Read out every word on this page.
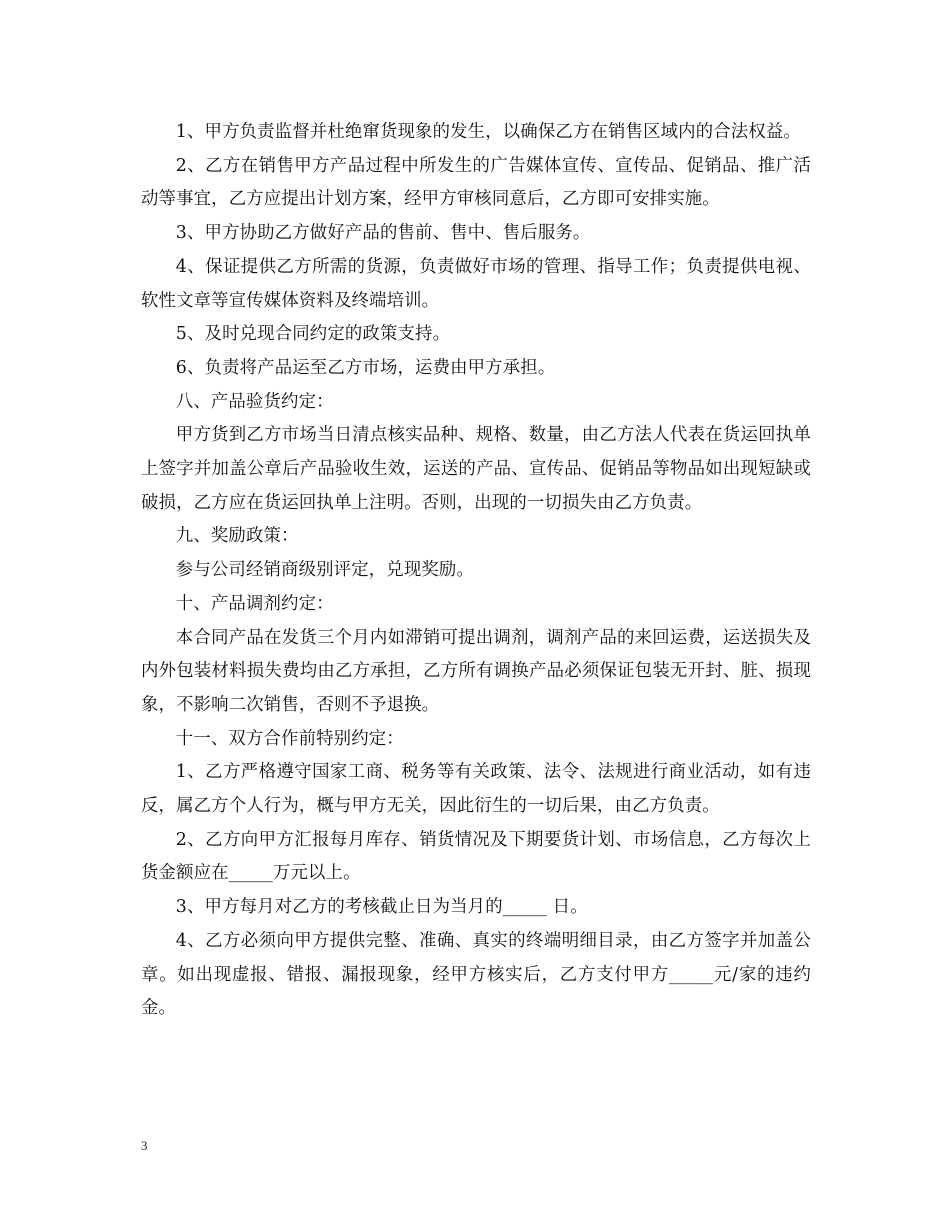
1、甲方负责监督并杜绝窜货现象的发生，以确保乙方在销售区域内的合法权益。

2、乙方在销售甲方产品过程中所发生的广告媒体宣传、宣传品、促销品、推广活动等事宜，乙方应提出计划方案，经甲方审核同意后，乙方即可安排实施。

3、甲方协助乙方做好产品的售前、售中、售后服务。

4、保证提供乙方所需的货源，负责做好市场的管理、指导工作；负责提供电视、软性文章等宣传媒体资料及终端培训。

5、及时兑现合同约定的政策支持。

6、负责将产品运至乙方市场，运费由甲方承担。

八、产品验货约定：

甲方货到乙方市场当日清点核实品种、规格、数量，由乙方法人代表在货运回执单上签字并加盖公章后产品验收生效，运送的产品、宣传品、促销品等物品如出现短缺或破损，乙方应在货运回执单上注明。否则，出现的一切损失由乙方负责。

九、奖励政策：

参与公司经销商级别评定，兑现奖励。

十、产品调剂约定：

本合同产品在发货三个月内如滞销可提出调剂，调剂产品的来回运费，运送损失及内外包装材料损失费均由乙方承担，乙方所有调换产品必须保证包装无开封、脏、损现象，不影响二次销售，否则不予退换。

十一、双方合作前特别约定：

1、乙方严格遵守国家工商、税务等有关政策、法令、法规进行商业活动，如有违反，属乙方个人行为，概与甲方无关，因此衍生的一切后果，由乙方负责。

2、乙方向甲方汇报每月库存、销货情况及下期要货计划、市场信息，乙方每次上货金额应在_____万元以上。

3、甲方每月对乙方的考核截止日为当月的_____ 日。

4、乙方必须向甲方提供完整、准确、真实的终端明细目录，由乙方签字并加盖公章。如出现虚报、错报、漏报现象，经甲方核实后，乙方支付甲方_____元/家的违约金。

3
